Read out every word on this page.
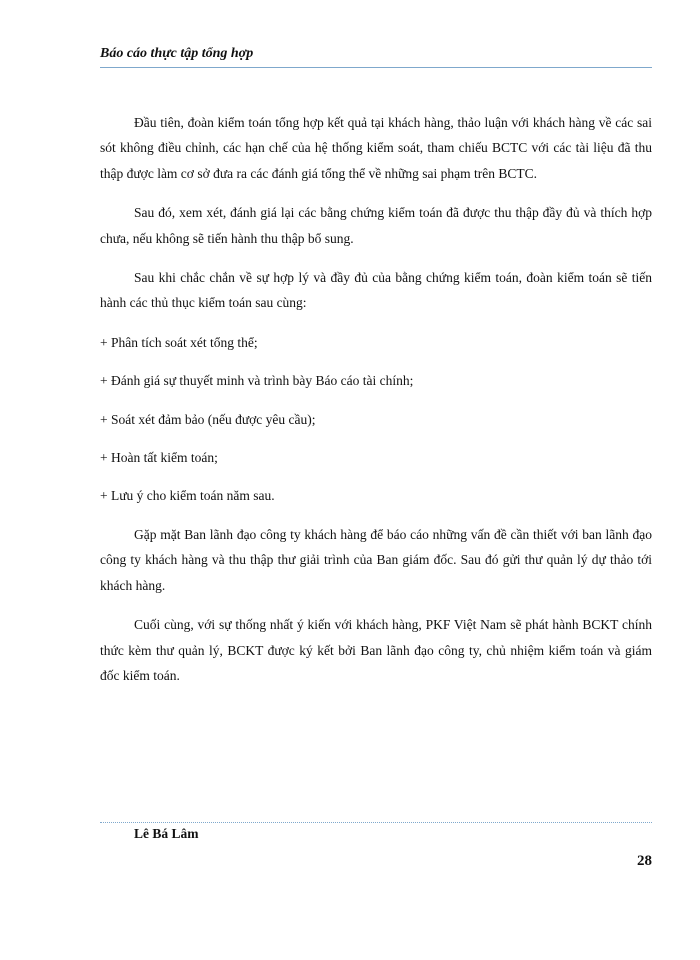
Báo cáo thực tập tổng hợp

Đầu tiên, đoàn kiểm toán tổng hợp kết quả tại khách hàng, thảo luận với khách hàng về các sai sót không điều chỉnh, các hạn chế của hệ thống kiểm soát, tham chiếu BCTC với các tài liệu đã thu thập được làm cơ sở đưa ra các đánh giá tổng thể về những sai phạm trên BCTC.

Sau đó, xem xét, đánh giá lại các bằng chứng kiểm toán đã được thu thập đầy đủ và thích hợp chưa, nếu không sẽ tiến hành thu thập bổ sung.

Sau khi chắc chắn về sự hợp lý và đầy đủ của bằng chứng kiểm toán, đoàn kiểm toán sẽ tiến hành các thủ thục kiểm toán sau cùng:

+ Phân tích soát xét tổng thể;
+ Đánh giá sự thuyết minh và trình bày Báo cáo tài chính;
+ Soát xét đảm bảo (nếu được yêu cầu);
+ Hoàn tất kiểm toán;
+ Lưu ý cho kiểm toán năm sau.

Gặp mặt Ban lãnh đạo công ty khách hàng để báo cáo những vấn đề cần thiết với ban lãnh đạo công ty khách hàng và thu thập thư giải trình của Ban giám đốc. Sau đó gửi thư quản lý dự thảo tới khách hàng.

Cuối cùng, với sự thống nhất ý kiến với khách hàng, PKF Việt Nam sẽ phát hành BCKT chính thức kèm thư quản lý, BCKT được ký kết bởi Ban lãnh đạo công ty, chủ nhiệm kiểm toán và giám đốc kiểm toán.

Lê Bá Lâm
28
